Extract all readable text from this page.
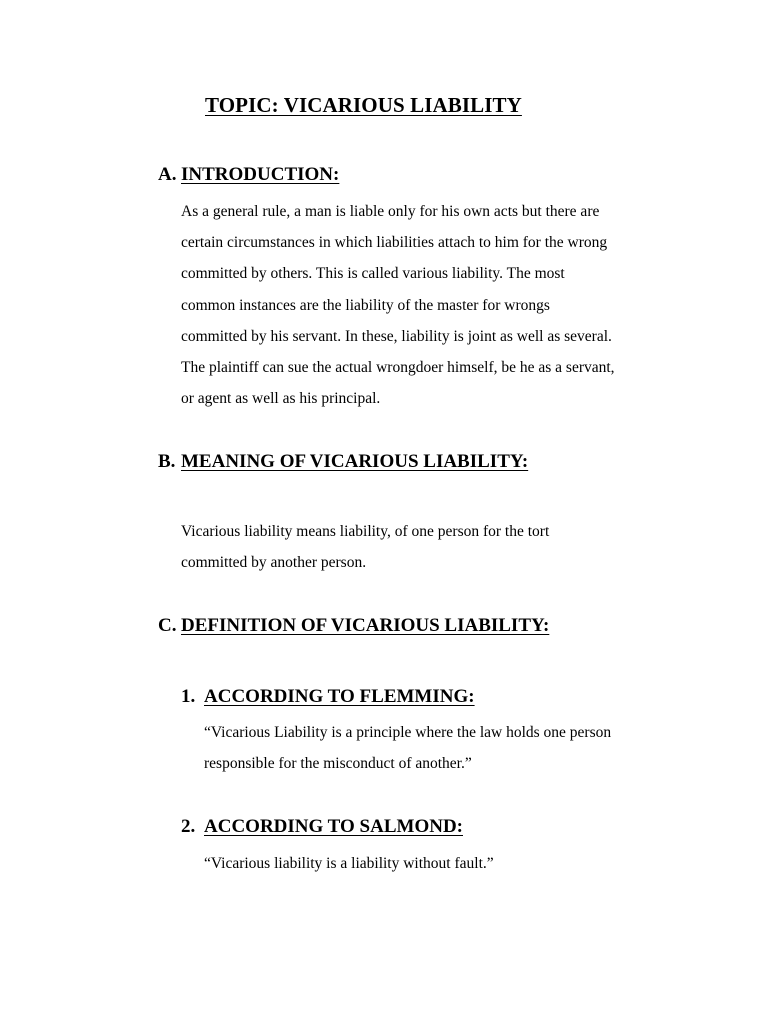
TOPIC: VICARIOUS LIABILITY
A. INTRODUCTION:

As a general rule, a man is liable only for his own acts but there are
certain circumstances in which liabilities attach to him for the wrong
committed by others. This is called various liability. The most
common instances are the liability of the master for wrongs
committed by his servant. In these, liability is joint as well as several.
The plaintiff can sue the actual wrongdoer himself, be he as a servant,
or agent as well as his principal.

B. MEANING OF VICARIOUS LIABILITY:

Vicarious liability means liability, of one person for the tort
committed by another person.

C. DEFINITION OF VICARIOUS LIABILITY:
1. ACCORDING TO FLEMMING:

“Vicarious Liability is a principle where the law holds one person
responsible for the misconduct of another.”

2. ACCORDING TO SALMOND:

“Vicarious liability is a liability without fault.”
